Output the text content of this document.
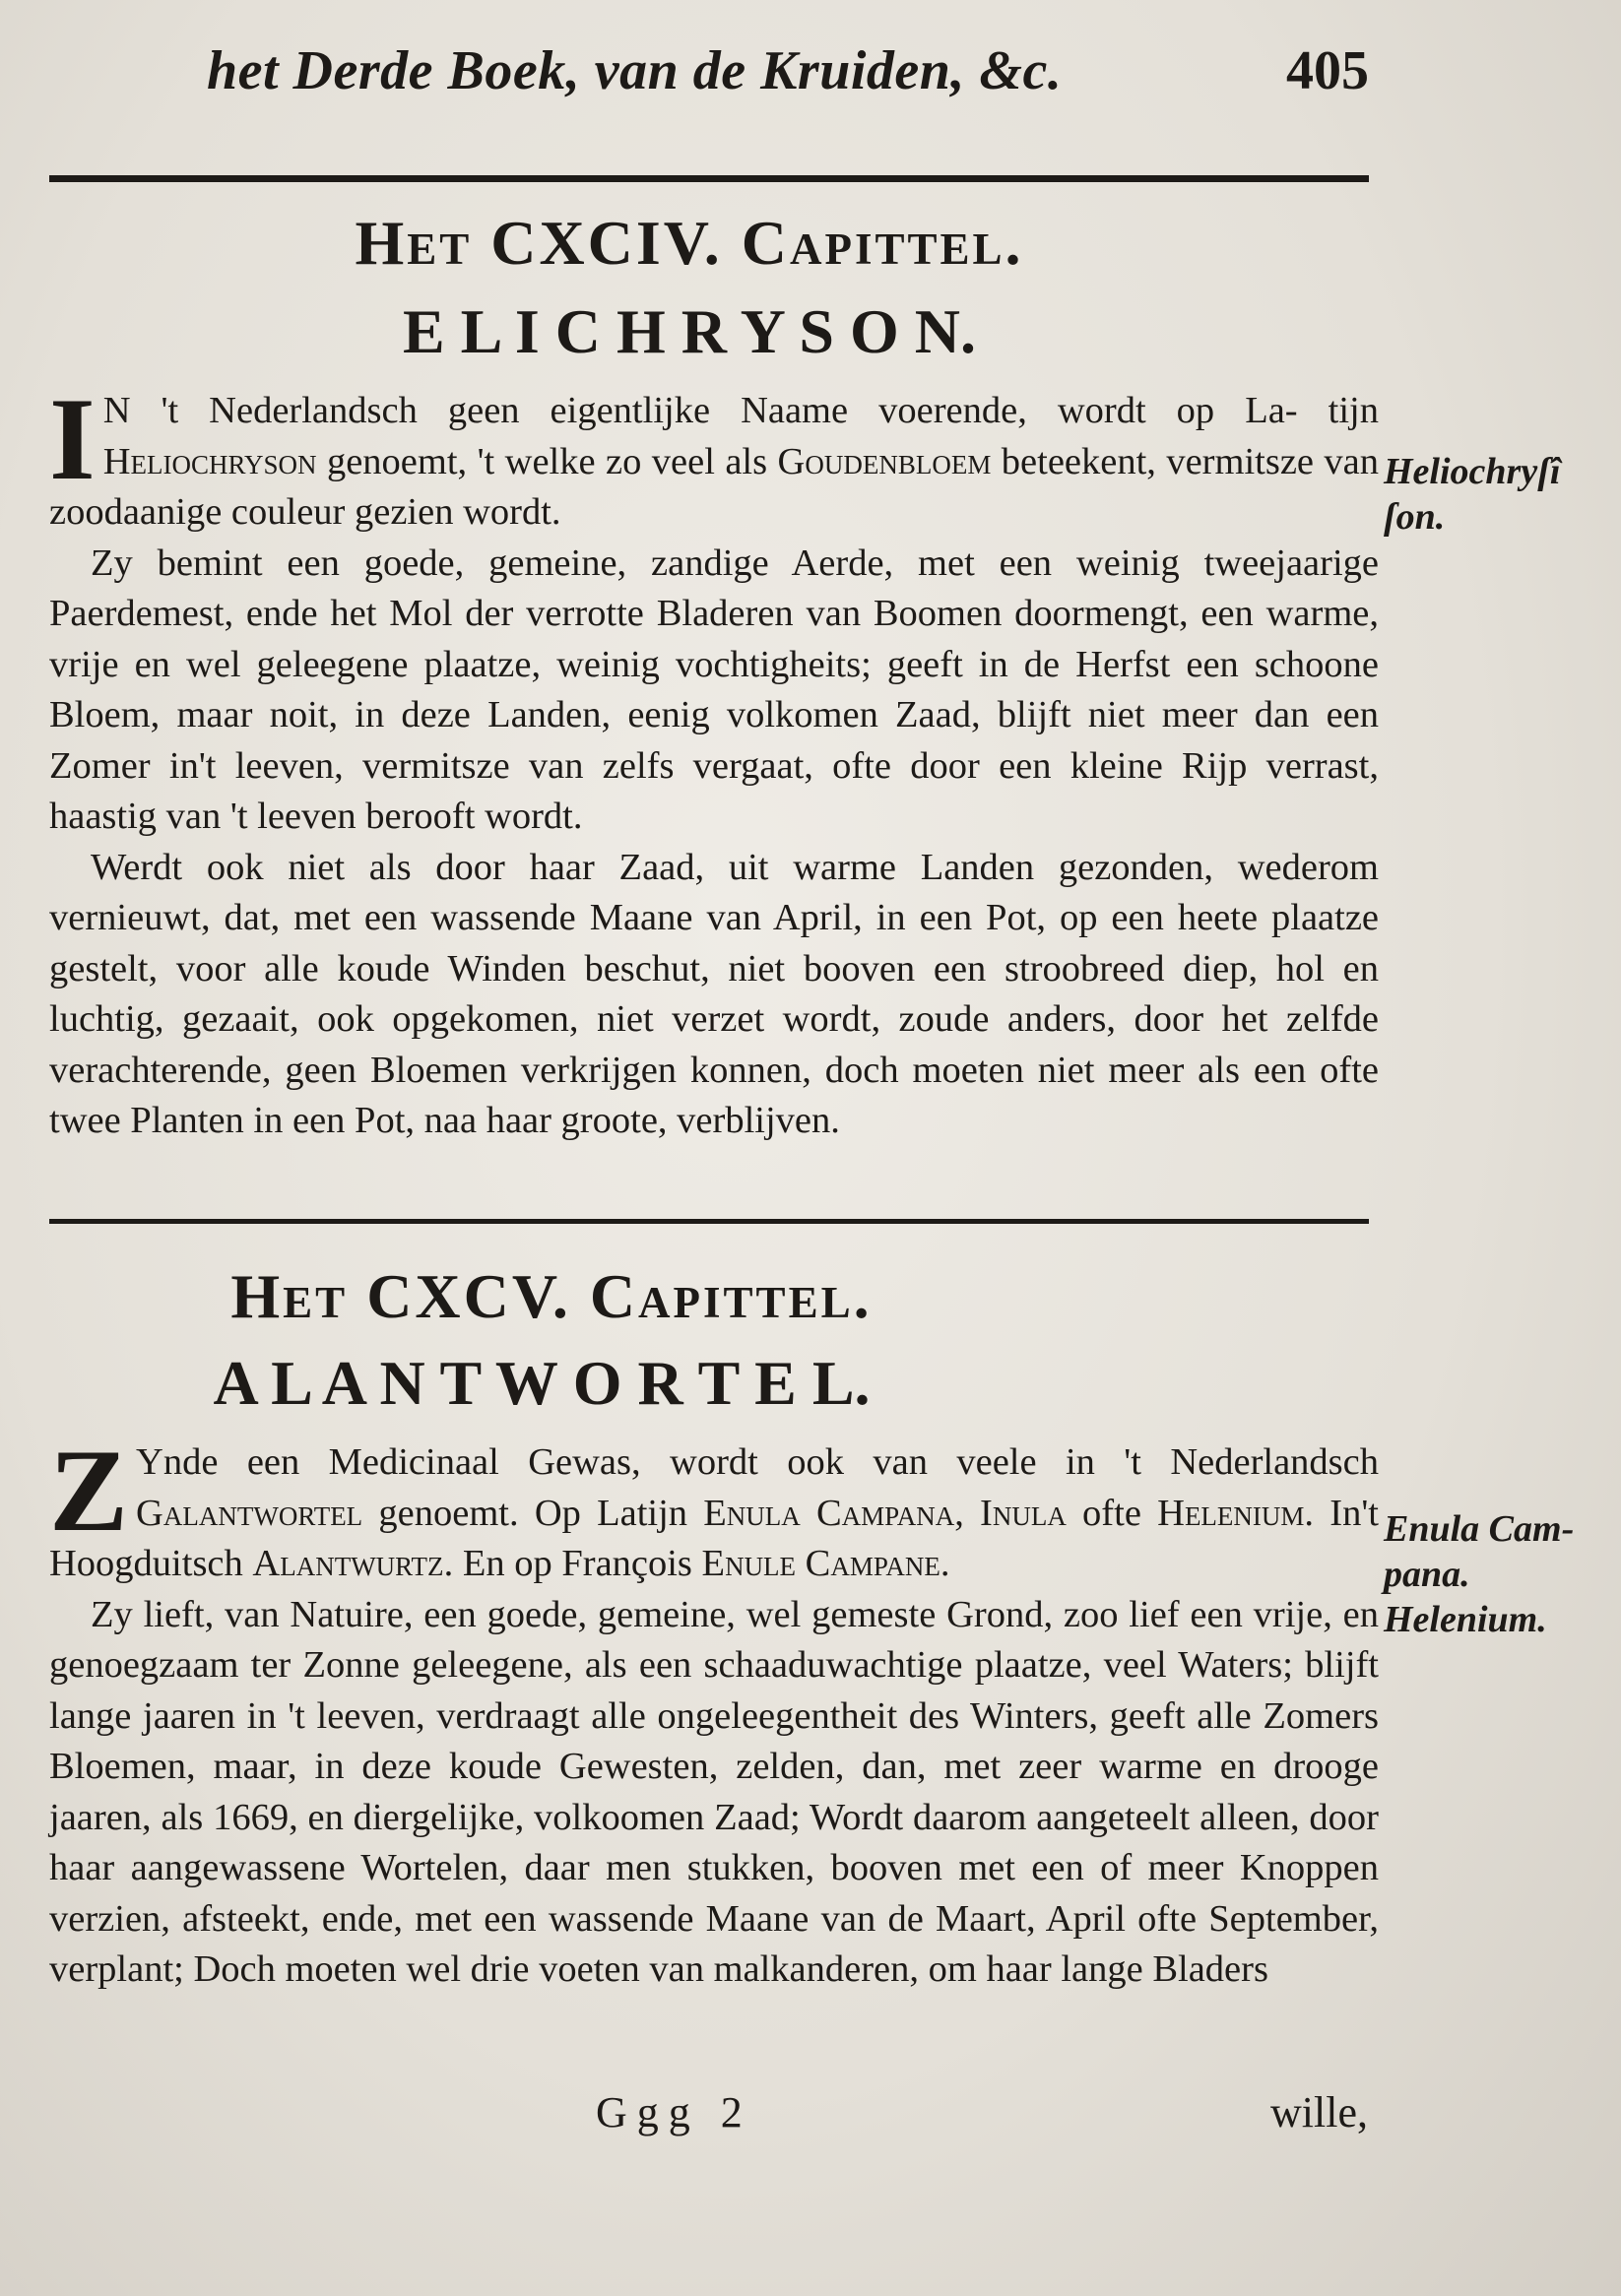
het Derde Boek, van de Kruiden, &c.	405
Het CXCIV. Capittel.
E L I C H R Y S O N.

I N 't Nederlandsch geen eigentlijke Naame voerende, wordt op La- tijn Heliochryson genoemt, 't welke zo veel als Goudenbloem beteekent, vermitsze van zoodaanige couleur gezien wordt.

Zy bemint een goede, gemeine, zandige Aerde, met een weinig tweejaarige Paerdemest, ende het Mol der verrotte Bladeren van Boomen doormengt, een warme, vrije en wel geleegene plaatze, weinig vochtigheits; geeft in de Herfst een schoone Bloem, maar noit, in deze Landen, eenig volkomen Zaad, blijft niet meer dan een Zomer in't leeven, vermitsze van zelfs vergaat, ofte door een kleine Rijp verrast, haastig van 't leeven berooft wordt.

Werdt ook niet als door haar Zaad, uit warme Landen gezonden, wederom vernieuwt, dat, met een wassende Maane van April, in een Pot, op een heete plaatze gestelt, voor alle koude Winden beschut, niet booven een stroobreed diep, hol en luchtig, gezaait, ook opgekomen, niet verzet wordt, zoude anders, door het zelfde verachterende, geen Bloemen verkrijgen konnen, doch moeten niet meer als een ofte twee Planten in een Pot, naa haar groote, verblijven.

Heliochryſî
ſon.
Het CXCV. Capittel.
A L A N T W O R T E L.

Z Ynde een Medicinaal Gewas, wordt ook van veele in 't Nederlandsch Galantwortel genoemt. Op Latijn Enula Campana, Inula ofte Helenium. In't Hoogduitsch Alantwurtz. En op François Enule Campane.

Zy lieft, van Natuire, een goede, gemeine, wel gemeste Grond, zoo lief een vrije, en genoegzaam ter Zonne geleegene, als een schaaduwachtige plaatze, veel Waters; blijft lange jaaren in 't leeven, verdraagt alle ongeleegentheit des Winters, geeft alle Zomers Bloemen, maar, in deze koude Gewesten, zelden, dan, met zeer warme en drooge jaaren, als 1669, en diergelijke, volkoomen Zaad; Wordt daarom aangeteelt alleen, door haar aangewassene Wortelen, daar men stukken, booven met een of meer Knoppen verzien, afsteekt, ende, met een wassende Maane van de Maart, April ofte September, verplant; Doch moeten wel drie voeten van malkanderen, om haar lange Bladers

Enula Cam-
pana.
Helenium.
Ggg 2	wille,
